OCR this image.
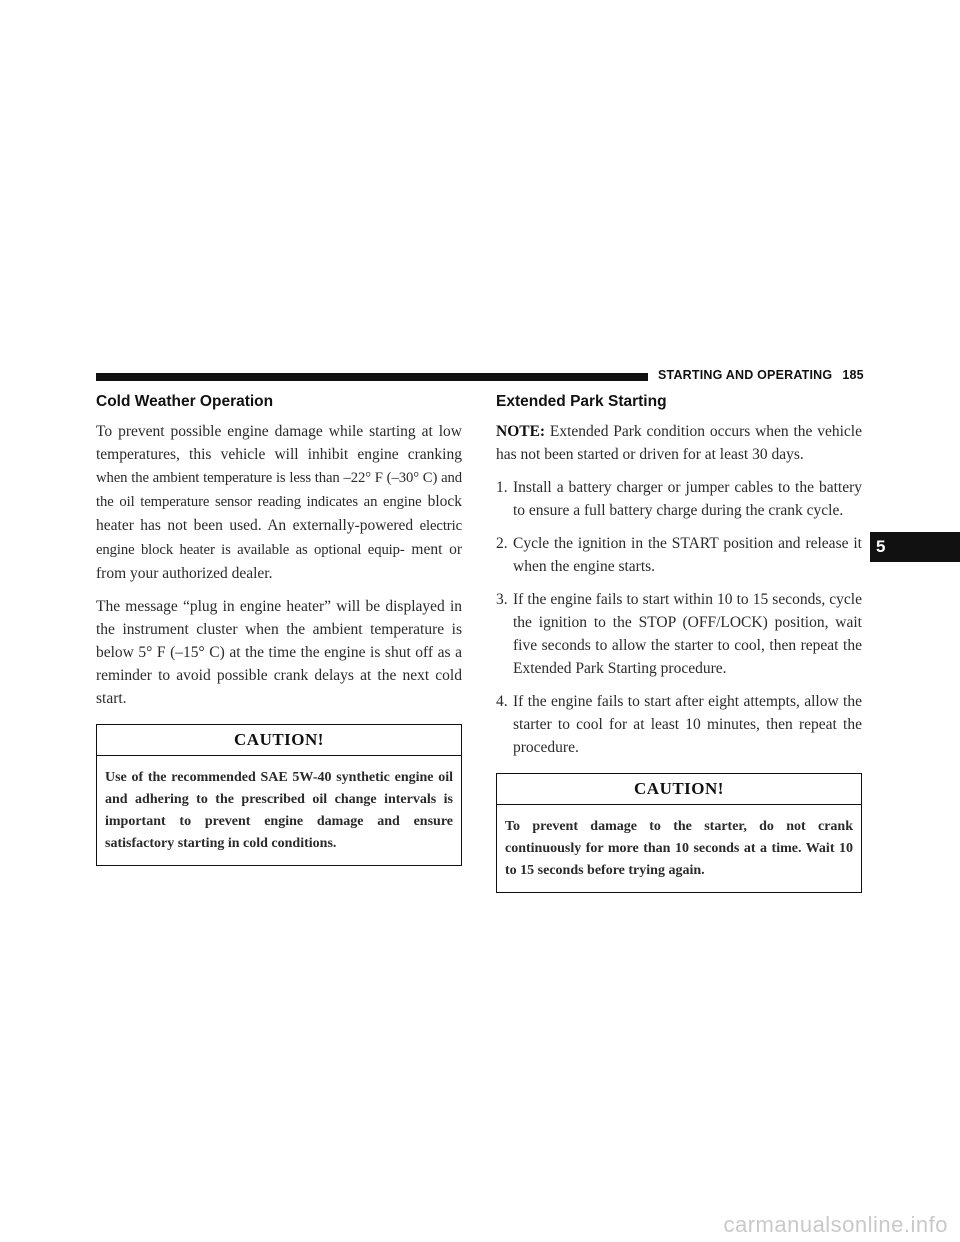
STARTING AND OPERATING 185
5
Cold Weather Operation

To prevent possible engine damage while starting at low temperatures, this vehicle will inhibit engine cranking when the ambient temperature is less than –22° F (–30° C) and the oil temperature sensor reading indicates an engine block heater has not been used. An externally-powered electric engine block heater is available as optional equip- ment or from your authorized dealer.

The message “plug in engine heater” will be displayed in the instrument cluster when the ambient temperature is below 5° F (–15° C) at the time the engine is shut off as a reminder to avoid possible crank delays at the next cold start.

CAUTION!
Use of the recommended SAE 5W-40 synthetic engine oil and adhering to the prescribed oil change intervals is important to prevent engine damage and ensure satisfactory starting in cold conditions.
Extended Park Starting

NOTE: Extended Park condition occurs when the vehicle has not been started or driven for at least 30 days.

1. Install a battery charger or jumper cables to the battery to ensure a full battery charge during the crank cycle.
2. Cycle the ignition in the START position and release it when the engine starts.
3. If the engine fails to start within 10 to 15 seconds, cycle the ignition to the STOP (OFF/LOCK) position, wait five seconds to allow the starter to cool, then repeat the Extended Park Starting procedure.
4. If the engine fails to start after eight attempts, allow the starter to cool for at least 10 minutes, then repeat the procedure.
CAUTION!
To prevent damage to the starter, do not crank continuously for more than 10 seconds at a time. Wait 10 to 15 seconds before trying again.
carmanualsonline.info
